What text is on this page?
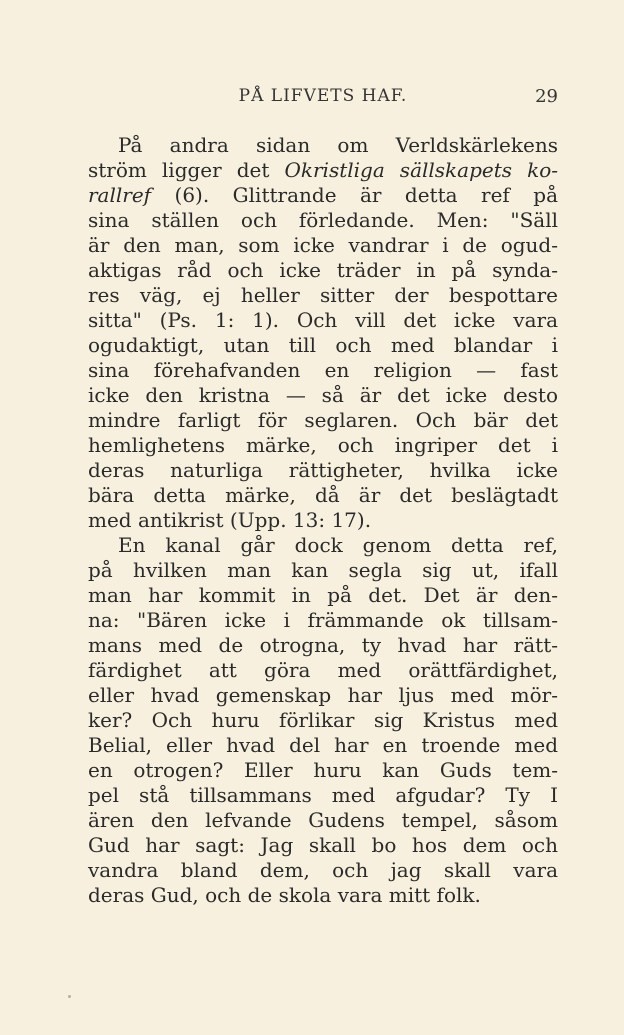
PÅ LIFVETS HAF.	29
På andra sidan om Verldskärlekens
ström ligger det Okristliga sällskapets ko-
rallref (6). Glittrande är detta ref på
sina ställen och förledande. Men: "Säll
är den man, som icke vandrar i de ogud-
aktigas råd och icke träder in på synda-
res väg, ej heller sitter der bespottare
sitta" (Ps. 1: 1). Och vill det icke vara
ogudaktigt, utan till och med blandar i
sina förehafvanden en religion — fast
icke den kristna — så är det icke desto
mindre farligt för seglaren. Och bär det
hemlighetens märke, och ingriper det i
deras naturliga rättigheter, hvilka icke
bära detta märke, då är det beslägtadt
med antikrist (Upp. 13: 17).
En kanal går dock genom detta ref,
på hvilken man kan segla sig ut, ifall
man har kommit in på det. Det är den-
na: "Bären icke i främmande ok tillsam-
mans med de otrogna, ty hvad har rätt-
färdighet att göra med orättfärdighet,
eller hvad gemenskap har ljus med mör-
ker? Och huru förlikar sig Kristus med
Belial, eller hvad del har en troende med
en otrogen? Eller huru kan Guds tem-
pel stå tillsammans med afgudar? Ty I
ären den lefvande Gudens tempel, såsom
Gud har sagt: Jag skall bo hos dem och
vandra bland dem, och jag skall vara
deras Gud, och de skola vara mitt folk.
